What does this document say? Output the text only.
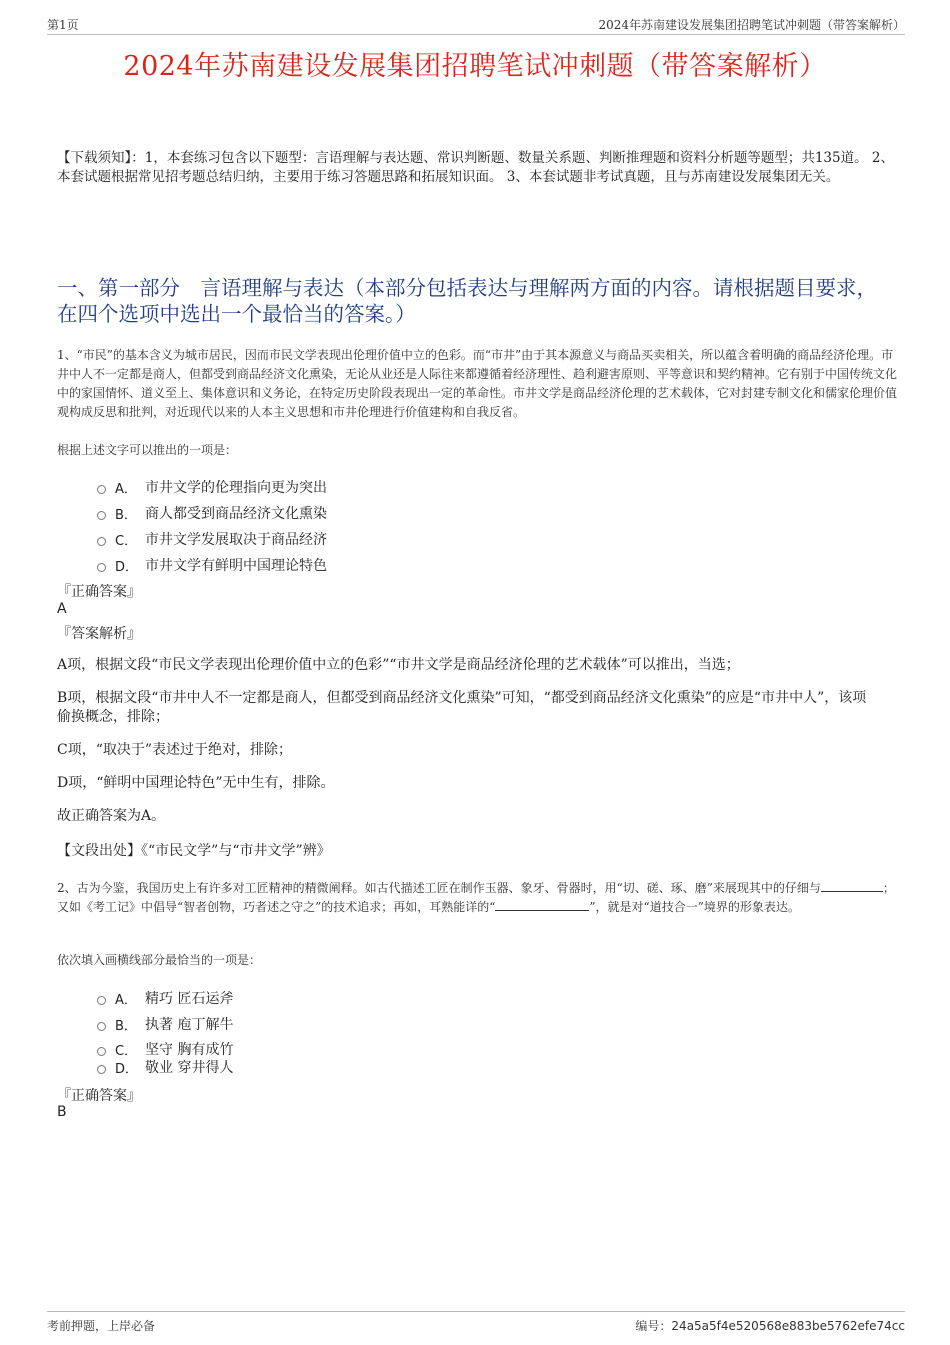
第1页	2024年苏南建设发展集团招聘笔试冲刺题（带答案解析）
2024年苏南建设发展集团招聘笔试冲刺题（带答案解析）
【下载须知】：1，本套练习包含以下题型：言语理解与表达题、常识判断题、数量关系题、判断推理题和资料分析题等题型；共135道。 2、本套试题根据常见招考题总结归纳，主要用于练习答题思路和拓展知识面。 3、本套试题非考试真题，且与苏南建设发展集团无关。
一、第一部分　言语理解与表达（本部分包括表达与理解两方面的内容。请根据题目要求，在四个选项中选出一个最恰当的答案。）
1、“市民”的基本含义为城市居民，因而市民文学表现出伦理价值中立的色彩。而“市井”由于其本源意义与商品买卖相关，所以蕴含着明确的商品经济伦理。市井中人不一定都是商人，但都受到商品经济文化熏染，无论从业还是人际往来都遵循着经济理性、趋利避害原则、平等意识和契约精神。它有别于中国传统文化中的家国情怀、道义至上、集体意识和义务论，在特定历史阶段表现出一定的革命性。市井文学是商品经济伦理的艺术载体，它对封建专制文化和儒家伦理价值观构成反思和批判，对近现代以来的人本主义思想和市井伦理进行价值建构和自我反省。
根据上述文字可以推出的一项是：
A． 市井文学的伦理指向更为突出
B． 商人都受到商品经济文化熏染
C． 市井文学发展取决于商品经济
D． 市井文学有鲜明中国理论特色
『正确答案』
A
『答案解析』
A项，根据文段“市民文学表现出伦理价值中立的色彩”“市井文学是商品经济伦理的艺术载体”可以推出，当选；
B项，根据文段“市井中人不一定都是商人，但都受到商品经济文化熏染”可知，“都受到商品经济文化熏染”的应是“市井中人”，该项偷换概念，排除；
C项，“取决于”表述过于绝对，排除；
D项，“鲜明中国理论特色”无中生有，排除。
故正确答案为A。
【文段出处】《“市民文学”与“市井文学”辨》
2、古为今鉴，我国历史上有许多对工匠精神的精微阐释。如古代描述工匠在制作玉器、象牙、骨器时，用“切、磋、琢、磨”来展现其中的仔细与	；又如《考工记》中倡导“智者创物，巧者述之守之”的技术追求；再如，耳熟能详的“	”，就是对“道技合一”境界的形象表达。
依次填入画横线部分最恰当的一项是：
A． 精巧 匠石运斧
B． 执著 庖丁解牛
C． 坚守 胸有成竹
D． 敬业 穿井得人
『正确答案』
B
考前押题，上岸必备	编号：24a5a5f4e520568e883be5762efe74cc
